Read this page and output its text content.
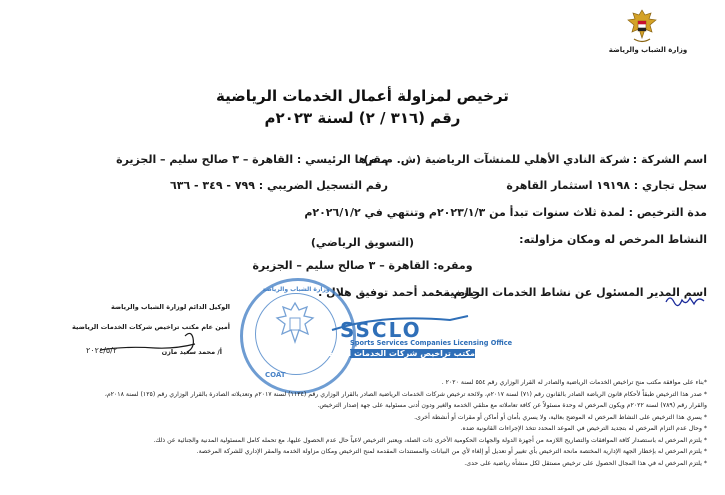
وزارة الشباب والرياضة
ترخيص لمزاولة أعمال الخدمات الرياضية
رقم (٣١٦ / ٢) لسنة ٢٠٢٣م
اسم الشركة :
شركة النادي الأهلي للمنشآت الرياضية (ش. م. م)
سجل تجاري : ١٩١٩٨ استثمار القاهرة
مدة الترخيص : لمدة ثلاث سنوات تبدأ من ٢٠٢٣/١/٣م وتنتهي في ٢٠٢٦/١/٢م
النشاط المرخص له ومكان مزاولته:
مقرها الرئيسي : القاهرة – ٣ صالح سليم – الجزيرة
رقم التسجيل الضريبي : ٧٩٩ - ٣٤٩ - ٦٣٦
(التسويق الرياضي)
ومقره: القاهرة – ٣ صالح سليم – الجزيرة
اسم المدير المسئول عن نشاط الخدمات الرياضية :
حازم محمد أحمد توفيق هلال .
الوكيل الدائم لوزارة الشباب والرياضة
أمين عام مكتب تراخيص شركات الخدمات الرياضية
أ/ محمد سعيد مازن
٢٠٢٤/٥/٢
وزارة الشباب والرياضة
COAT
SSCLO
Sports Services Companies Licensing Office
مكتب تراخيص شركات الخدمات الرياضية
*بناء على موافقة مكتب منح تراخيص الخدمات الرياضية والصادر له القرار الوزاري رقم ٥٥٤ لسنة ٢٠٢٠ .
* صدر هذا الترخيص طبقاً لأحكام قانون الرياضة الصادر بالقانون رقم (٧١) لسنة ٢٠١٧م، ولائحة ترخيص شركات الخدمات الرياضية الصادر بالقرار الوزاري رقم (١١٢٤) لسنة ٢٠١٧م وتعديلاته الصادرة بالقرار الوزاري رقم (١٢٥) لسنة ٢٠١٨م،
والقرار رقم (٧٨٩) لسنة ٢٠٢٢م ويكون المرخص له وحدة مسئولاً عن كافة تعاملاته مع متلقي الخدمة والغير ودون أدنى مسئولية على جهة إصدار الترخيص.
* يسري هذا الترخيص على النشاط المرخص له الموضح بعالية، ولا يسري بأمان أو أماكن أو مقرات أو أنشطة أخرى.
* وحال عدم التزام المرخص له بتجديد الترخيص في الموعد المحدد تتخذ الإجراءات القانونية ضده.
* يلتزم المرخص له باستصدار كافة الموافقات والتصاريح اللازمة من أجهزة الدولة والجهات الحكومية الأخرى ذات الصلة، ويعتبر الترخيص لاغياً حال عدم الحصول عليها، مع تحمله كامل المسئولية المدنية والجنائية عن ذلك.
* يلتزم المرخص له بإخطار الجهة الإدارية المختصة مانحة الترخيص بأي تغيير أو تعديل أو إلغاء لأي من البيانات والمستندات المقدمة لمنح الترخيص ومكان مزاولة الخدمة والمقر الإداري للشركة المرخصة.
* يلتزم المرخص له في هذا المجال الحصول على ترخيص مستقل لكل منشأه رياضية على حدى.
